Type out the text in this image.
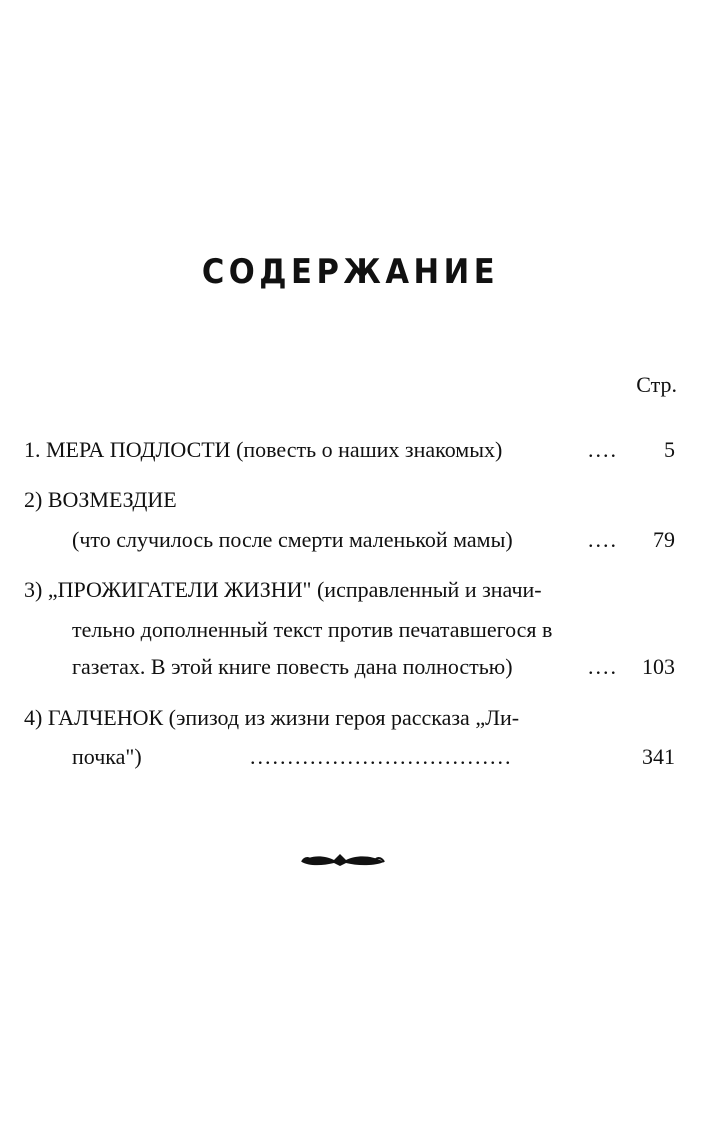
СОДЕРЖАНИЕ
Стр.
1. МЕРА ПОДЛОСТИ (повесть о наших знакомых)	.... 5
2) ВОЗМЕЗДИЕ
(что случилось после смерти маленькой мамы)	.... 79
3) „ПРОЖИГАТЕЛИ ЖИЗНИ" (исправленный и значи-
тельно дополненный текст против печатавшегося в
газетах. В этой книге повесть дана полностью)	.... 103
4) ГАЛЧЕНОК (эпизод из жизни героя рассказа „Ли-
почка")	...................................	341
